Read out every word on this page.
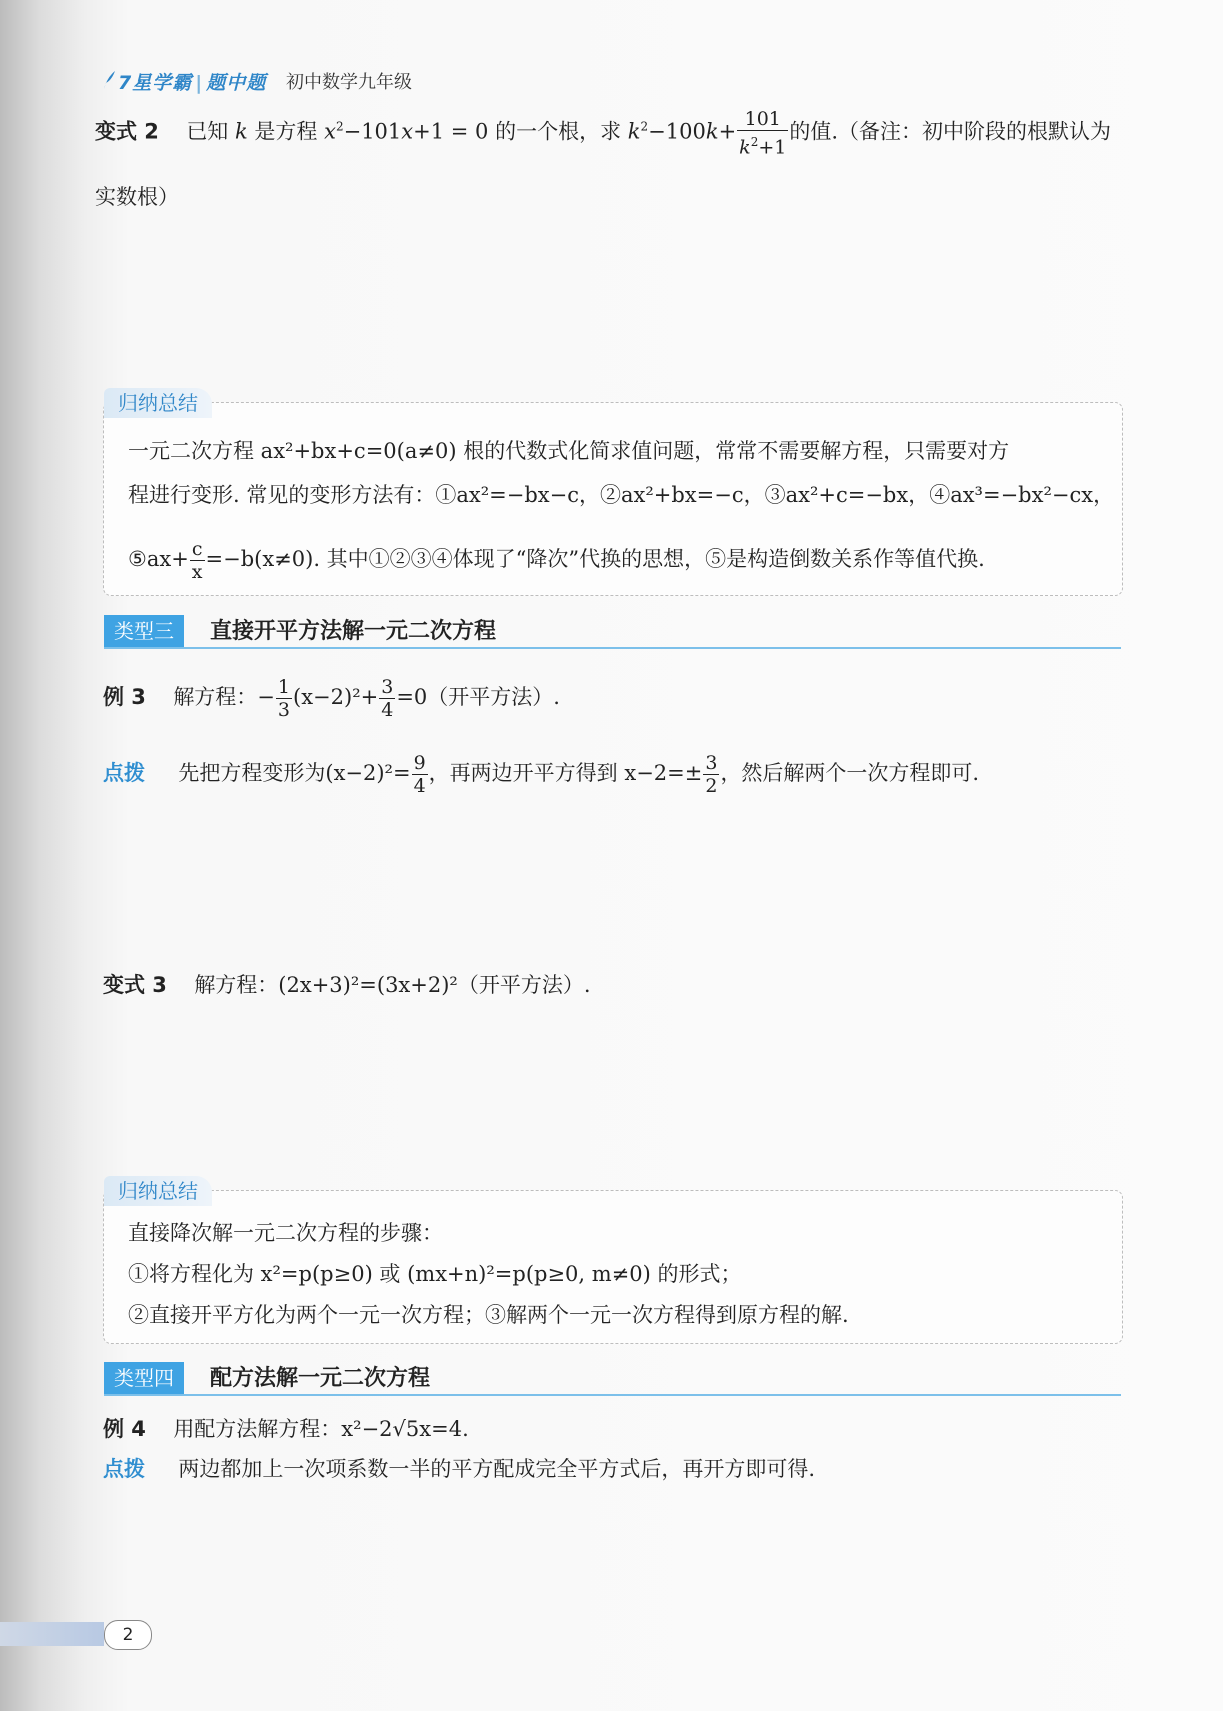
7星学霸 | 题中题 初中数学九年级
变式 2 已知 k 是方程 $x^2-101x+1 = 0$ 的一个根，求 $k^2-100k+ \frac{101}{k^2+1}$ 的值.（备注：初中阶段的根默认为
实数根）
归纳总结
一元二次方程 ax²+bx+c=0(a≠0) 根的代数式化简求值问题，常常不需要解方程，只需要对方
程进行变形. 常见的变形方法有：①ax²=−bx−c，②ax²+bx=−c，③ax²+c=−bx，④ax³=−bx²−cx，
⑤ax+ $\frac{c}{x} =-b(x\ne 0)$. 其中①②③④体现了“降次”代换的思想，⑤是构造倒数关系作等值代换.
类型三	直接开平方法解一元二次方程
例 3 解方程：− $\frac{1}{3} (x-2)^2+ \frac{3}{4} =0$（开平方法）.
点拨 先把方程变形为$(x-2)^2= \frac{9}{4}$ ，再两边开平方得到 $x-2=\pm \frac{3}{2}$ ，然后解两个一次方程即可.
变式 3 解方程：(2x+3)²=(3x+2)²（开平方法）.
归纳总结
直接降次解一元二次方程的步骤：
①将方程化为 x²=p(p≥0) 或 (mx+n)²=p(p≥0, m≠0) 的形式；
②直接开平方化为两个一元一次方程；③解两个一元一次方程得到原方程的解.
类型四	配方法解一元二次方程
例 4 用配方法解方程：x²−2√5x=4.
点拨 两边都加上一次项系数一半的平方配成完全平方式后，再开方即可得.
2
